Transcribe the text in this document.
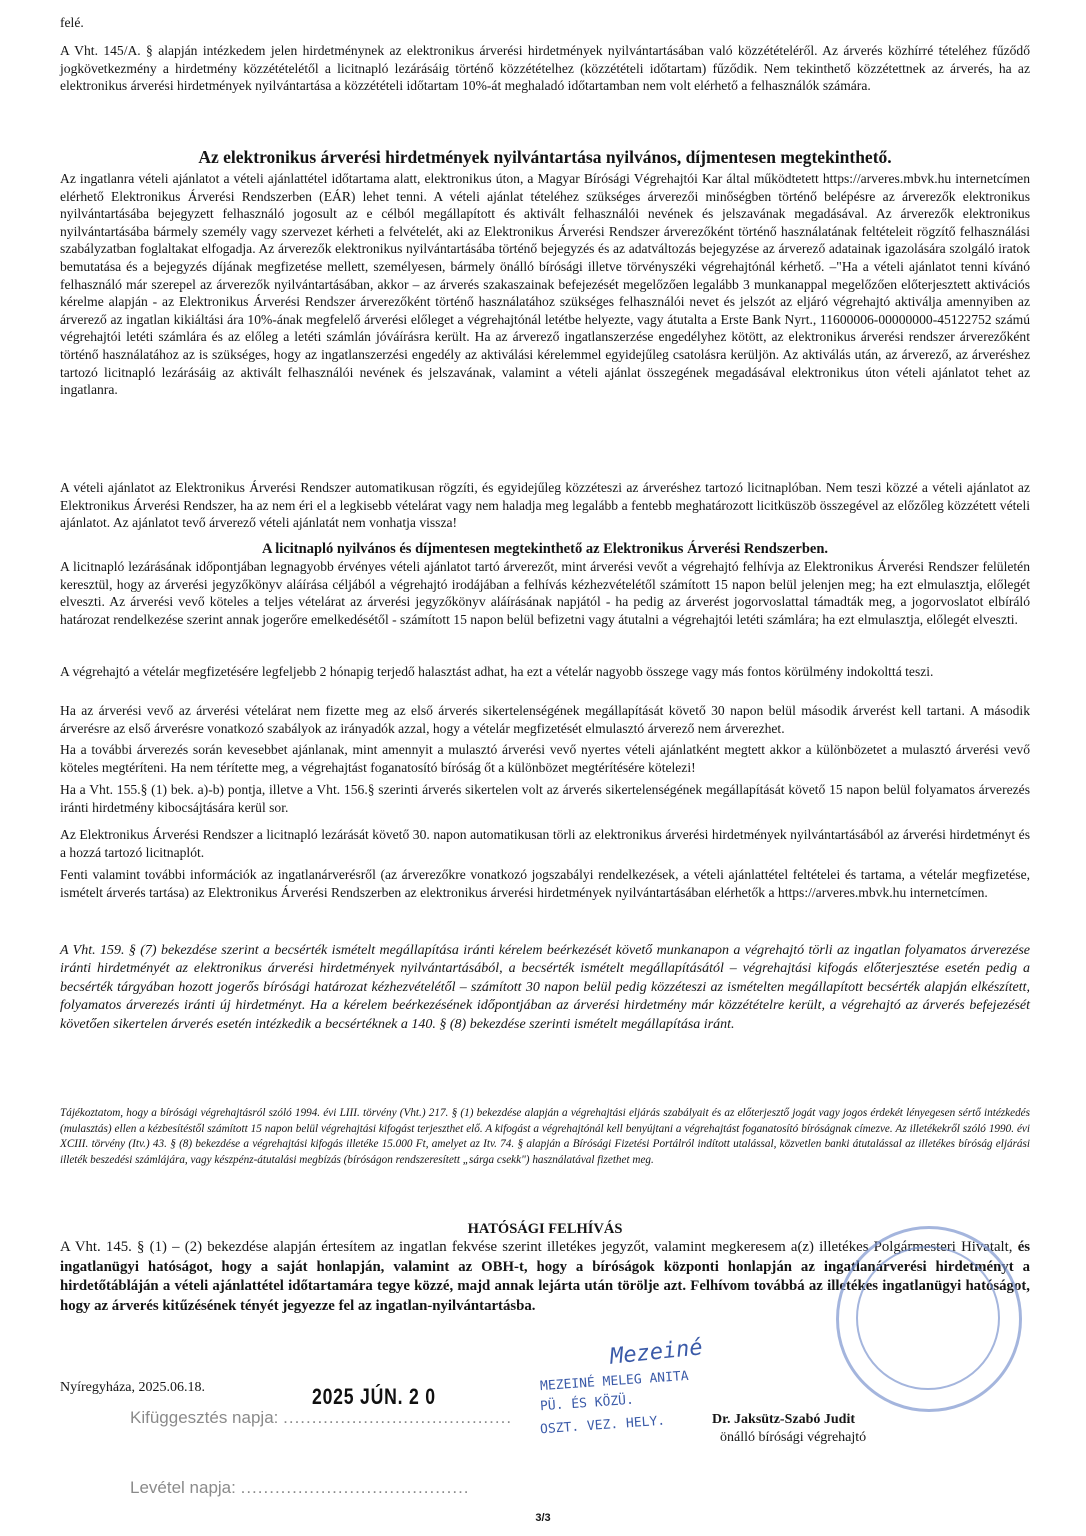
felé.

A Vht. 145/A. § alapján intézkedem jelen hirdetménynek az elektronikus árverési hirdetmények nyilvántartásában való közzétételéről. Az árverés közhírré tételéhez fűződő jogkövetkezmény a hirdetmény közzétételétől a licitnapló lezárásáig történő közzétételhez (közzétételi időtartam) fűződik. Nem tekinthető közzétettnek az árverés, ha az elektronikus árverési hirdetmények nyilvántartása a közzétételi időtartam 10%-át meghaladó időtartamban nem volt elérhető a felhasználók számára.

Az elektronikus árverési hirdetmények nyilvántartása nyilvános, díjmentesen megtekinthető.

Az ingatlanra vételi ajánlatot a vételi ajánlattétel időtartama alatt, elektronikus úton, a Magyar Bírósági Végrehajtói Kar által működtetett https://arveres.mbvk.hu internetcímen elérhető Elektronikus Árverési Rendszerben (EÁR) lehet tenni. A vételi ajánlat tételéhez szükséges árverezői minőségben történő belépésre az árverezők elektronikus nyilvántartásába bejegyzett felhasználó jogosult az e célból megállapított és aktivált felhasználói nevének és jelszavának megadásával. Az árverezők elektronikus nyilvántartásába bármely személy vagy szervezet kérheti a felvételét, aki az Elektronikus Árverési Rendszer árverezőként történő használatának feltételeit rögzítő felhasználási szabályzatban foglaltakat elfogadja. Az árverezők elektronikus nyilvántartásába történő bejegyzés és az adatváltozás bejegyzése az árverező adatainak igazolására szolgáló iratok bemutatása és a bejegyzés díjának megfizetése mellett, személyesen, bármely önálló bírósági illetve törvényszéki végrehajtónál kérhető. –"Ha a vételi ajánlatot tenni kívánó felhasználó már szerepel az árverezők nyilvántartásában, akkor – az árverés szakaszainak befejezését megelőzően legalább 3 munkanappal megelőzően előterjesztett aktivációs kérelme alapján - az Elektronikus Árverési Rendszer árverezőként történő használatához szükséges felhasználói nevet és jelszót az eljáró végrehajtó aktiválja amennyiben az árverező az ingatlan kikiáltási ára 10%-ának megfelelő árverési előleget a végrehajtónál letétbe helyezte, vagy átutalta a Erste Bank Nyrt., 11600006-00000000-45122752 számú végrehajtói letéti számlára és az előleg a letéti számlán jóváírásra került. Ha az árverező ingatlanszerzése engedélyhez kötött, az elektronikus árverési rendszer árverezőként történő használatához az is szükséges, hogy az ingatlanszerzési engedély az aktiválási kérelemmel egyidejűleg csatolásra kerüljön. Az aktiválás után, az árverező, az árveréshez tartozó licitnapló lezárásáig az aktivált felhasználói nevének és jelszavának, valamint a vételi ajánlat összegének megadásával elektronikus úton vételi ajánlatot tehet az ingatlanra.

A vételi ajánlatot az Elektronikus Árverési Rendszer automatikusan rögzíti, és egyidejűleg közzéteszi az árveréshez tartozó licitnaplóban. Nem teszi közzé a vételi ajánlatot az Elektronikus Árverési Rendszer, ha az nem éri el a legkisebb vételárat vagy nem haladja meg legalább a fentebb meghatározott licitküszöb összegével az előzőleg közzétett vételi ajánlatot. Az ajánlatot tevő árverező vételi ajánlatát nem vonhatja vissza!

A licitnapló nyilvános és díjmentesen megtekinthető az Elektronikus Árverési Rendszerben.

A licitnapló lezárásának időpontjában legnagyobb érvényes vételi ajánlatot tartó árverezőt, mint árverési vevőt a végrehajtó felhívja az Elektronikus Árverési Rendszer felületén keresztül, hogy az árverési jegyzőkönyv aláírása céljából a végrehajtó irodájában a felhívás kézhezvételétől számított 15 napon belül jelenjen meg; ha ezt elmulasztja, előlegét elveszti. Az árverési vevő köteles a teljes vételárat az árverési jegyzőkönyv aláírásának napjától - ha pedig az árverést jogorvoslattal támadták meg, a jogorvoslatot elbíráló határozat rendelkezése szerint annak jogerőre emelkedésétől - számított 15 napon belül befizetni vagy átutalni a végrehajtói letéti számlára; ha ezt elmulasztja, előlegét elveszti.

A végrehajtó a vételár megfizetésére legfeljebb 2 hónapig terjedő halasztást adhat, ha ezt a vételár nagyobb összege vagy más fontos körülmény indokolttá teszi.

Ha az árverési vevő az árverési vételárat nem fizette meg az első árverés sikertelenségének megállapítását követő 30 napon belül második árverést kell tartani. A második árverésre az első árverésre vonatkozó szabályok az irányadók azzal, hogy a vételár megfizetését elmulasztó árverező nem árverezhet.

Ha a további árverezés során kevesebbet ajánlanak, mint amennyit a mulasztó árverési vevő nyertes vételi ajánlatként megtett akkor a különbözetet a mulasztó árverési vevő köteles megtéríteni. Ha nem térítette meg, a végrehajtást foganatosító bíróság őt a különbözet megtérítésére kötelezi!

Ha a Vht. 155.§ (1) bek. a)-b) pontja, illetve a Vht. 156.§ szerinti árverés sikertelen volt az árverés sikertelenségének megállapítását követő 15 napon belül folyamatos árverezés iránti hirdetmény kibocsájtására kerül sor.

Az Elektronikus Árverési Rendszer a licitnapló lezárását követő 30. napon automatikusan törli az elektronikus árverési hirdetmények nyilvántartásából az árverési hirdetményt és a hozzá tartozó licitnaplót.

Fenti valamint további információk az ingatlanárverésről (az árverezőkre vonatkozó jogszabályi rendelkezések, a vételi ajánlattétel feltételei és tartama, a vételár megfizetése, ismételt árverés tartása) az Elektronikus Árverési Rendszerben az elektronikus árverési hirdetmények nyilvántartásában elérhetők a https://arveres.mbvk.hu internetcímen.

A Vht. 159. § (7) bekezdése szerint a becsérték ismételt megállapítása iránti kérelem beérkezését követő munkanapon a végrehajtó törli az ingatlan folyamatos árverezése iránti hirdetményét az elektronikus árverési hirdetmények nyilvántartásából, a becsérték ismételt megállapításától – végrehajtási kifogás előterjesztése esetén pedig a becsérték tárgyában hozott jogerős bírósági határozat kézhezvételétől – számított 30 napon belül pedig közzéteszi az ismételten megállapított becsérték alapján elkészített, folyamatos árverezés iránti új hirdetményt. Ha a kérelem beérkezésének időpontjában az árverési hirdetmény már közzétételre került, a végrehajtó az árverés befejezését követően sikertelen árverés esetén intézkedik a becsértéknek a 140. § (8) bekezdése szerinti ismételt megállapítása iránt.

Tájékoztatom, hogy a bírósági végrehajtásról szóló 1994. évi LIII. törvény (Vht.) 217. § (1) bekezdése alapján a végrehajtási eljárás szabályait és az előterjesztő jogát vagy jogos érdekét lényegesen sértő intézkedés (mulasztás) ellen a kézbesítéstől számított 15 napon belül végrehajtási kifogást terjeszthet elő. A kifogást a végrehajtónál kell benyújtani a végrehajtást foganatosító bíróságnak címezve. Az illetékekről szóló 1990. évi XCIII. törvény (Itv.) 43. § (8) bekezdése a végrehajtási kifogás illetéke 15.000 Ft, amelyet az Itv. 74. § alapján a Bírósági Fizetési Portálról indított utalással, közvetlen banki átutalással az illetékes bíróság eljárási illeték beszedési számlájára, vagy készpénz-átutalási megbízás (bíróságon rendszeresített „sárga csekk") használatával fizethet meg.

HATÓSÁGI FELHÍVÁS

A Vht. 145. § (1) – (2) bekezdése alapján értesítem az ingatlan fekvése szerint illetékes jegyzőt, valamint megkeresem a(z) illetékes Polgármesteri Hivatalt, és ingatlanügyi hatóságot, hogy a saját honlapján, valamint az OBH-t, hogy a bíróságok központi honlapján az ingatlanárverési hirdetményt a hirdetőtábláján a vételi ajánlattétel időtartamára tegye közzé, majd annak lejárta után törölje azt. Felhívom továbbá az illetékes ingatlanügyi hatóságot, hogy az árverés kitűzésének tényét jegyezze fel az ingatlan-nyilvántartásba.

Mezeiné
MEZEINÉ MELEG ANITA
PÜ. ÉS KÖZÜ.
OSZT. VEZ. HELY.
Nyíregyháza, 2025.06.18.	2025 JÚN. 2 0
Kifüggesztés napja: ........................................	Dr. Jaksütz-Szabó Judit
önálló bírósági végrehajtó
Levétel napja: ........................................
3/3
